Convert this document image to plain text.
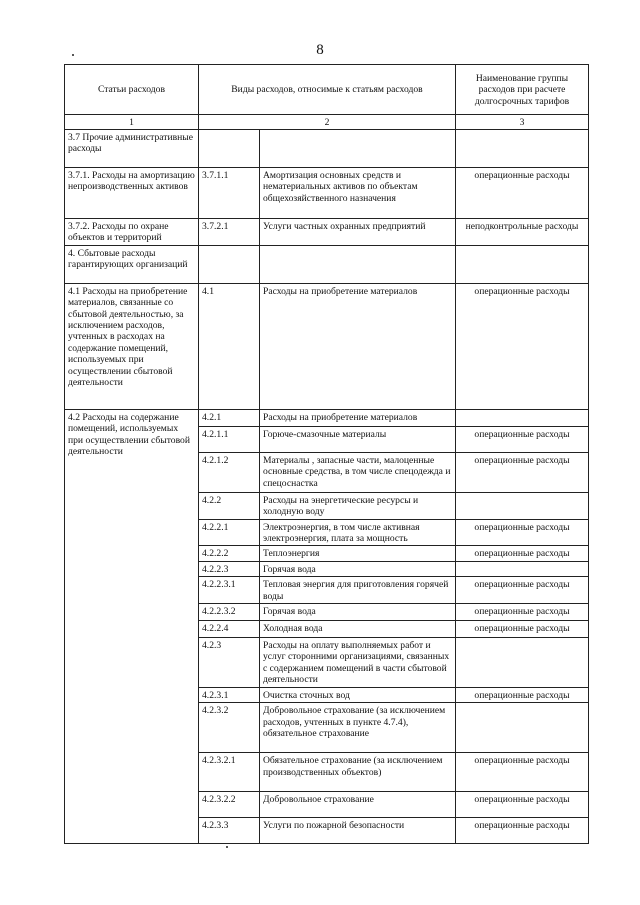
8
Статьи расходов	Виды расходов, относимые к статьям расходов		Наименование группы расходов при расчете долгосрочных тарифов
1	2		3
3.7 Прочие административные расходы			
3.7.1. Расходы на амортизацию непроизводственных активов	3.7.1.1	Амортизация основных средств и нематериальных активов по объектам общехозяйственного назначения	операционные расходы
3.7.2. Расходы по охране объектов и территорий	3.7.2.1	Услуги частных охранных предприятий	неподконтрольные расходы
4. Сбытовые расходы гарантирующих организаций			
4.1 Расходы на приобретение материалов, связанные со сбытовой деятельностью, за исключением расходов, учтенных в расходах на содержание помещений, используемых при осуществлении сбытовой деятельности	4.1	Расходы на приобретение материалов	операционные расходы
4.2 Расходы на содержание помещений, используемых при осуществлении сбытовой деятельности	4.2.1	Расходы на приобретение материалов	
	4.2.1.1	Горюче-смазочные материалы	операционные расходы
	4.2.1.2	Материалы , запасные части, малоценные основные средства, в том числе спецодежда и спецоснастка	операционные расходы
	4.2.2	Расходы на энергетические ресурсы и холодную воду	
	4.2.2.1	Электроэнергия, в том числе активная электроэнергия, плата за мощность	операционные расходы
	4.2.2.2	Теплоэнергия	операционные расходы
	4.2.2.3	Горячая вода	
	4.2.2.3.1	Тепловая энергия для приготовления горячей воды	операционные расходы
	4.2.2.3.2	Горячая вода	операционные расходы
	4.2.2.4	Холодная вода	операционные расходы
	4.2.3	Расходы на оплату выполняемых работ и услуг сторонними организациями, связанных с содержанием помещений в части сбытовой деятельности	
	4.2.3.1	Очистка сточных вод	операционные расходы
	4.2.3.2	Добровольное страхование (за исключением расходов, учтенных в пункте 4.7.4), обязательное страхование	
	4.2.3.2.1	Обязательное страхование (за исключением производственных объектов)	операционные расходы
	4.2.3.2.2	Добровольное страхование	операционные расходы
	4.2.3.3	Услуги по пожарной безопасности	операционные расходы
